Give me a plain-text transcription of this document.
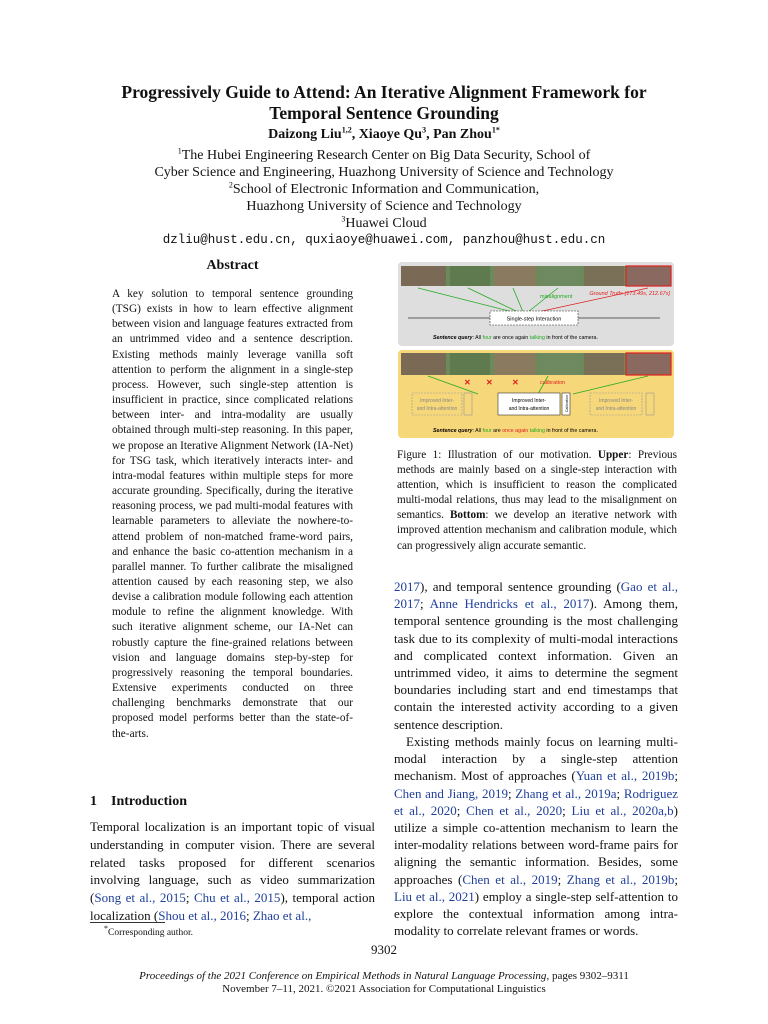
Progressively Guide to Attend: An Iterative Alignment Framework for
Temporal Sentence Grounding
Daizong Liu$^{1,2}$, Xiaoye Qu$^3$, Pan Zhou$^{1*}$
$^1$The Hubei Engineering Research Center on Big Data Security, School of
Cyber Science and Engineering, Huazhong University of Science and Technology
$^2$School of Electronic Information and Communication,
Huazhong University of Science and Technology
$^3$Huawei Cloud
dzliu@hust.edu.cn, quxiaoye@huawei.com, panzhou@hust.edu.cn
Abstract
A key solution to temporal sentence grounding (TSG) exists in how to learn effective alignment between vision and language features extracted from an untrimmed video and a sentence description. Existing methods mainly leverage vanilla soft attention to perform the alignment in a single-step process. However, such single-step attention is insufficient in practice, since complicated relations between inter- and intra-modality are usually obtained through multi-step reasoning. In this paper, we propose an Iterative Alignment Network (IA-Net) for TSG task, which iteratively interacts inter- and intra-modal features within multiple steps for more accurate grounding. Specifically, during the iterative reasoning process, we pad multi-modal features with learnable parameters to alleviate the nowhere-to-attend problem of non-matched frame-word pairs, and enhance the basic co-attention mechanism in a parallel manner. To further calibrate the misaligned attention caused by each reasoning step, we also devise a calibration module following each attention module to refine the alignment knowledge. With such iterative alignment scheme, our IA-Net can robustly capture the fine-grained relations between vision and language domains step-by-step for progressively reasoning the temporal boundaries. Extensive experiments conducted on three challenging benchmarks demonstrate that our proposed model performs better than the state-of-the-arts.
1 Introduction
Temporal localization is an important topic of visual understanding in computer vision. There are several related tasks proposed for different scenarios involving language, such as video summarization (Song et al., 2015; Chu et al., 2015), temporal action localization (Shou et al., 2016; Zhao et al.,
*Corresponding author.
Ground Truth: [173.49s, 212.67s]
misalignment
Single-step Interaction
Sentence query: All four are once again talking in front of the camera.
✕ ✕ ✕	calibration
Improved Inter-
and Intra-attention
Improved Inter-
and Intra-attention
Improved Inter-
and Intra-attention
Calibration
Sentence query: All four are once again talking in front of the camera.
Figure 1: Illustration of our motivation. Upper: Previous methods are mainly based on a single-step interaction with attention, which is insufficient to reason the complicated multi-modal relations, thus may lead to the misalignment on semantics. Bottom: we develop an iterative network with improved attention mechanism and calibration module, which can progressively align accurate semantic.
2017), and temporal sentence grounding (Gao et al., 2017; Anne Hendricks et al., 2017). Among them, temporal sentence grounding is the most challenging task due to its complexity of multi-modal interactions and complicated context information. Given an untrimmed video, it aims to determine the segment boundaries including start and end timestamps that contain the interested activity according to a given sentence description.
Existing methods mainly focus on learning multi-modal interaction by a single-step attention mechanism. Most of approaches (Yuan et al., 2019b; Chen and Jiang, 2019; Zhang et al., 2019a; Rodriguez et al., 2020; Chen et al., 2020; Liu et al., 2020a,b) utilize a simple co-attention mechanism to learn the inter-modality relations between word-frame pairs for aligning the semantic information. Besides, some approaches (Chen et al., 2019; Zhang et al., 2019b; Liu et al., 2021) employ a single-step self-attention to explore the contextual information among intra-modality to correlate relevant frames or words.
9302
Proceedings of the 2021 Conference on Empirical Methods in Natural Language Processing, pages 9302–9311
November 7–11, 2021. ©2021 Association for Computational Linguistics
